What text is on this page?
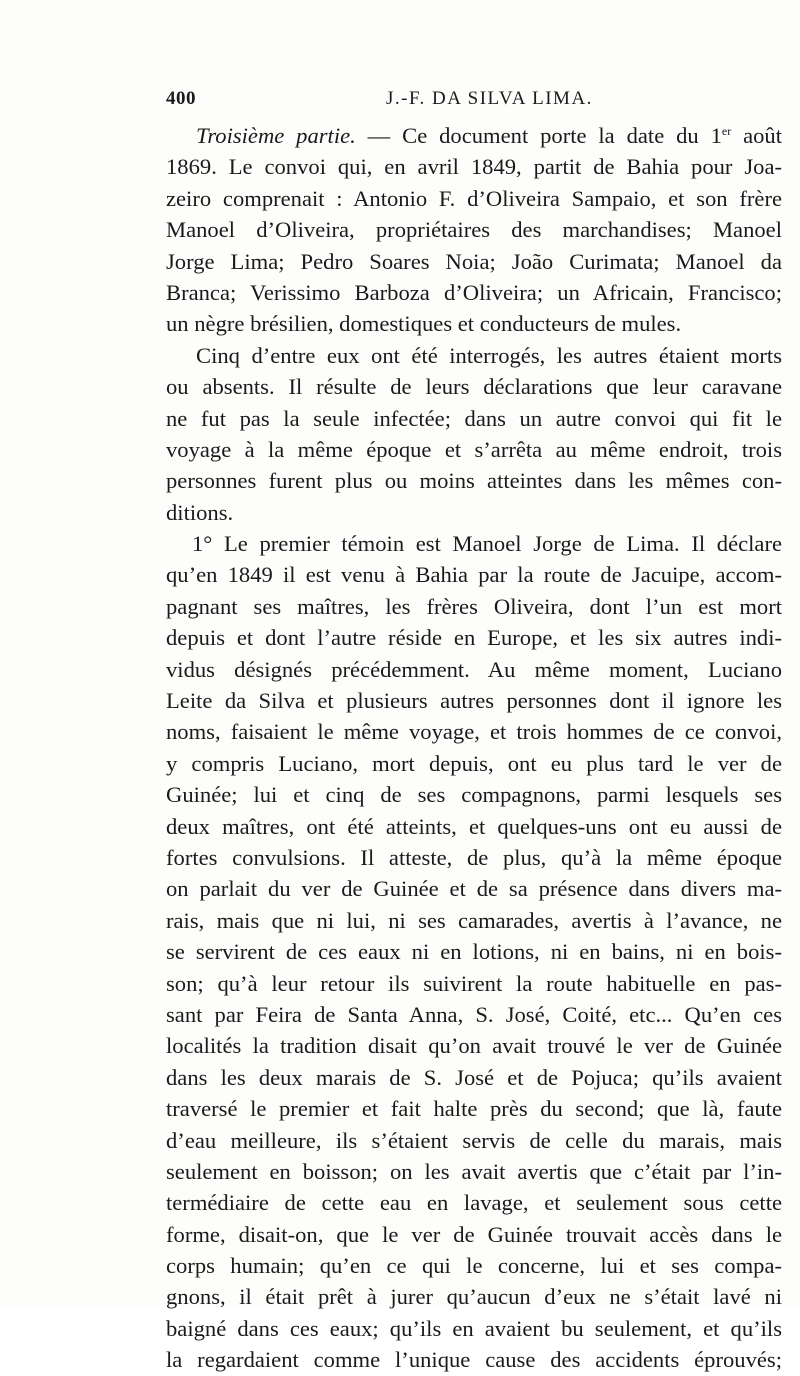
400	J.-F. DA SILVA LIMA.
Troisième partie. — Ce document porte la date du 1er août
1869. Le convoi qui, en avril 1849, partit de Bahia pour Joa-
zeiro comprenait : Antonio F. d’Oliveira Sampaio, et son frère
Manoel d’Oliveira, propriétaires des marchandises; Manoel
Jorge Lima; Pedro Soares Noia; João Curimata; Manoel da
Branca; Verissimo Barboza d’Oliveira; un Africain, Francisco;
un nègre brésilien, domestiques et conducteurs de mules.
Cinq d’entre eux ont été interrogés, les autres étaient morts
ou absents. Il résulte de leurs déclarations que leur caravane
ne fut pas la seule infectée; dans un autre convoi qui fit le
voyage à la même époque et s’arrêta au même endroit, trois
personnes furent plus ou moins atteintes dans les mêmes con-
ditions.
1° Le premier témoin est Manoel Jorge de Lima. Il déclare
qu’en 1849 il est venu à Bahia par la route de Jacuipe, accom-
pagnant ses maîtres, les frères Oliveira, dont l’un est mort
depuis et dont l’autre réside en Europe, et les six autres indi-
vidus désignés précédemment. Au même moment, Luciano
Leite da Silva et plusieurs autres personnes dont il ignore les
noms, faisaient le même voyage, et trois hommes de ce convoi,
y compris Luciano, mort depuis, ont eu plus tard le ver de
Guinée; lui et cinq de ses compagnons, parmi lesquels ses
deux maîtres, ont été atteints, et quelques-uns ont eu aussi de
fortes convulsions. Il atteste, de plus, qu’à la même époque
on parlait du ver de Guinée et de sa présence dans divers ma-
rais, mais que ni lui, ni ses camarades, avertis à l’avance, ne
se servirent de ces eaux ni en lotions, ni en bains, ni en bois-
son; qu’à leur retour ils suivirent la route habituelle en pas-
sant par Feira de Santa Anna, S. José, Coité, etc... Qu’en ces
localités la tradition disait qu’on avait trouvé le ver de Guinée
dans les deux marais de S. José et de Pojuca; qu’ils avaient
traversé le premier et fait halte près du second; que là, faute
d’eau meilleure, ils s’étaient servis de celle du marais, mais
seulement en boisson; on les avait avertis que c’était par l’in-
termédiaire de cette eau en lavage, et seulement sous cette
forme, disait-on, que le ver de Guinée trouvait accès dans le
corps humain; qu’en ce qui le concerne, lui et ses compa-
gnons, il était prêt à jurer qu’aucun d’eux ne s’était lavé ni
baigné dans ces eaux; qu’ils en avaient bu seulement, et qu’ils
la regardaient comme l’unique cause des accidents éprouvés;
